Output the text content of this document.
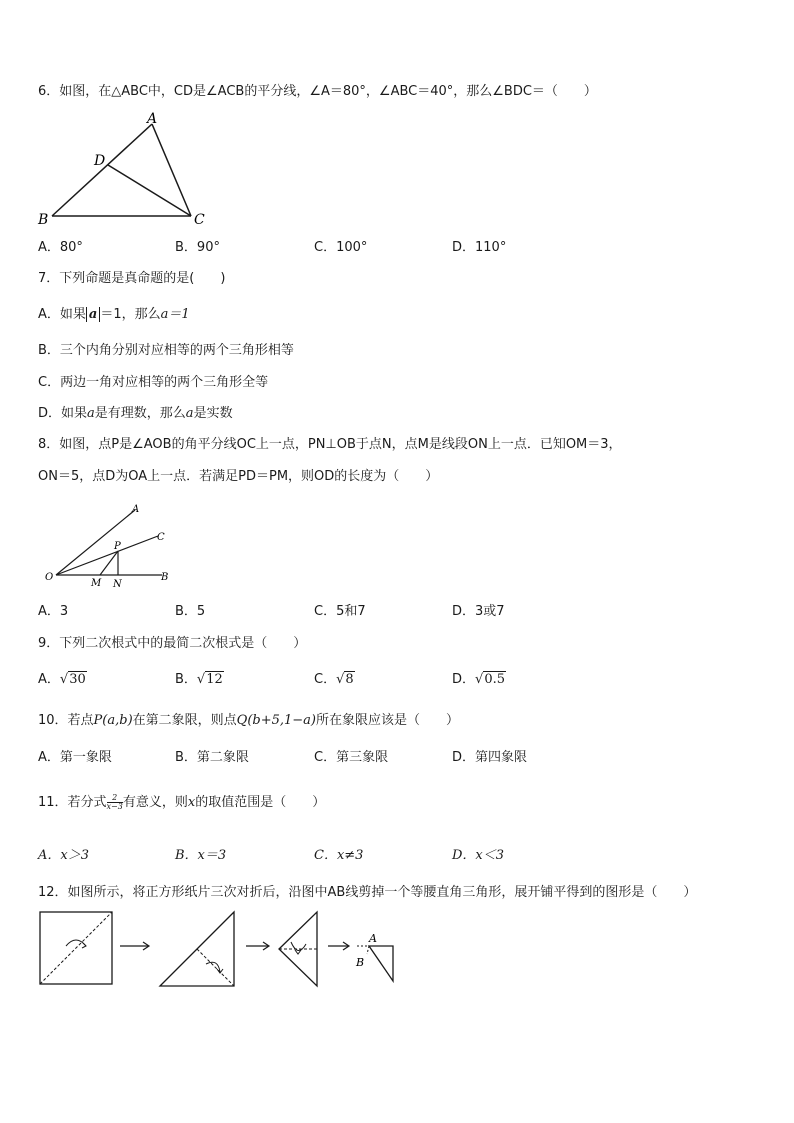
6．如图，在△ABC中，CD是∠ACB的平分线，∠A＝80°，∠ABC＝40°，那么∠BDC＝（　　）
A
D
B	C
A．80°	B．90°	C．100°	D．110°
7．下列命题是真命题的是(　　)
A．如果 a ＝1，那么a＝1
B．三个内角分别对应相等的两个三角形相等
C．两边一角对应相等的两个三角形全等
D．如果a是有理数，那么a是实数
8．如图，点P是∠AOB的角平分线OC上一点，PN⊥OB于点N，点M是线段ON上一点．已知OM＝3，
ON＝5，点D为OA上一点．若满足PD＝PM，则OD的长度为（　　）
A
C
P
O
M N
B
A．3	B．5	C．5和7	D．3或7
9．下列二次根式中的最简二次根式是（　　）
A．√30	B．√12	C．√8	D．√0.5
10．若点P(a,b)在第二象限，则点Q(b+5,1−a)所在象限应该是（　　）
A．第一象限	B．第二象限	C．第三象限	D．第四象限
11．若分式 $\frac{2}{x-3}$ 有意义，则x的取值范围是（　　）
A．x＞3	B．x＝3	C．x≠3	D．x＜3
12．如图所示，将正方形纸片三次对折后，沿图中AB线剪掉一个等腰直角三角形，展开铺平得到的图形是（　　）
A
B
